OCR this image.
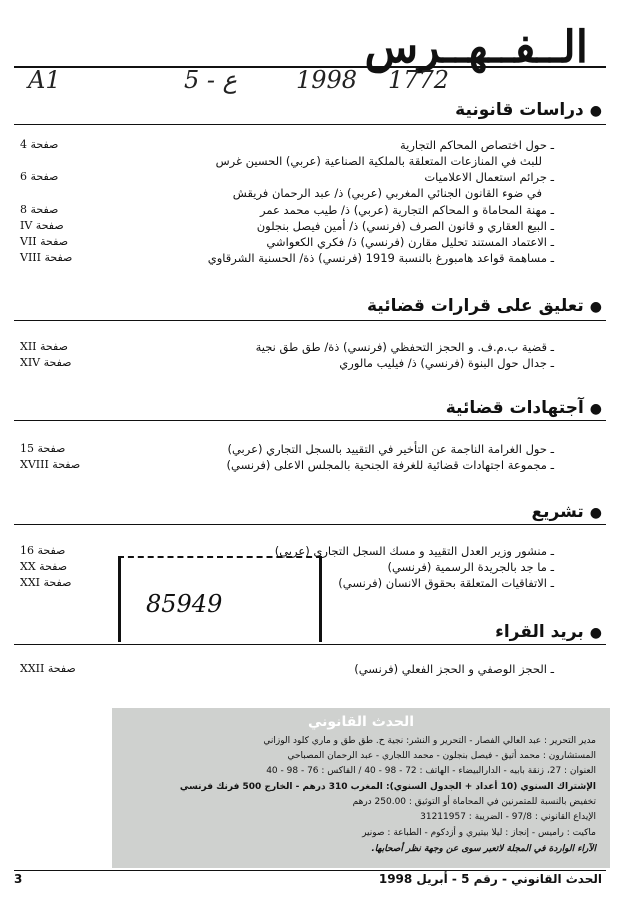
الــفــهــرس
A1	5 - ع 1998 1772
●دراسات قانونية
ـ حول اختصاص المحاكم التجارية
صفحة 4
للبث في المنازعات المتعلقة بالملكية الصناعية (عربي) الحسين غرس
ـ جرائم استعمال الاعلاميات
صفحة 6
في ضوء القانون الجنائي المغربي (عربي) ذ/ عبد الرحمان فريقش
ـ مهنة المحاماة و المحاكم التجارية (عربي) ذ/ طيب محمد عمر
صفحة 8
ـ البيع العقاري و قانون الصرف (فرنسي) ذ/ أمين فيصل بنجلون
صفحة IV
ـ الاعتماد المستند تحليل مقارن (فرنسي) ذ/ فكري الكعواشي
صفحة VII
ـ مساهمة قواعد هامبورغ بالنسبة 1919 (فرنسي) ذة/ الحسنية الشرقاوي
صفحة VIII
●تعليق على قرارات قضائية
ـ قضية ب.م.ف. و الحجز التحفظي (فرنسي) ذة/ طق طق نجية
صفحة XII
ـ جدال حول البنوة (فرنسي) ذ/ فيليب مالوري
صفحة XIV
●آجتهادات قضائية
ـ حول الغرامة الناجمة عن التأخير في التقييد بالسجل التجاري (عربي)
صفحة 15
ـ مجموعة اجتهادات قضائية للغرفة الجنحية بالمجلس الاعلى (فرنسي)
صفحة XVIII
●تشريع
ـ منشور وزير العدل التقييد و مسك السجل التجاري (عربي)
صفحة 16
ـ ما جد بالجريدة الرسمية (فرنسي)
صفحة XX
ـ الاتفاقيات المتعلقة بحقوق الانسان (فرنسي)
صفحة XXI
85949
●بريد القراء
ـ الحجز الوصفي و الحجز الفعلي (فرنسي)
صفحة XXII
الحدث القانوني
مدير التحرير : عبد العالي الفصار - التحرير و النشر: نجية ح. طق طق و ماري كلود الوزاني
المستشارون : محمد أتيق - فيصل بنجلون - محمد اللجاري - عبد الرحمان المصباحي
العنوان : 27، زنقة بابيه - الدارالبيضاء - الهاتف : 72 - 98 - 40 / الفاكس : 76 - 98 - 40
الإشتراك السنوي (10 أعداد + الجدول السنوي): المغرب 310 درهم - الخارج 500 فرنك فرنسي
تخفيض بالنسبة للمتمرنين في المحاماة أو التوثيق : 250.00 درهم
الإيداع القانوني : 97/8 - الضريبة : 31211957
ماكيت : راميس - إنجاز : ليلا بيتيري و أزدكوم - الطباعة : صونير
الآراء الواردة في المجلة لاتعبر سوى عن وجهة نظر أصحابها.
3	الحدث القانوني - رقم 5 - أبريل 1998
